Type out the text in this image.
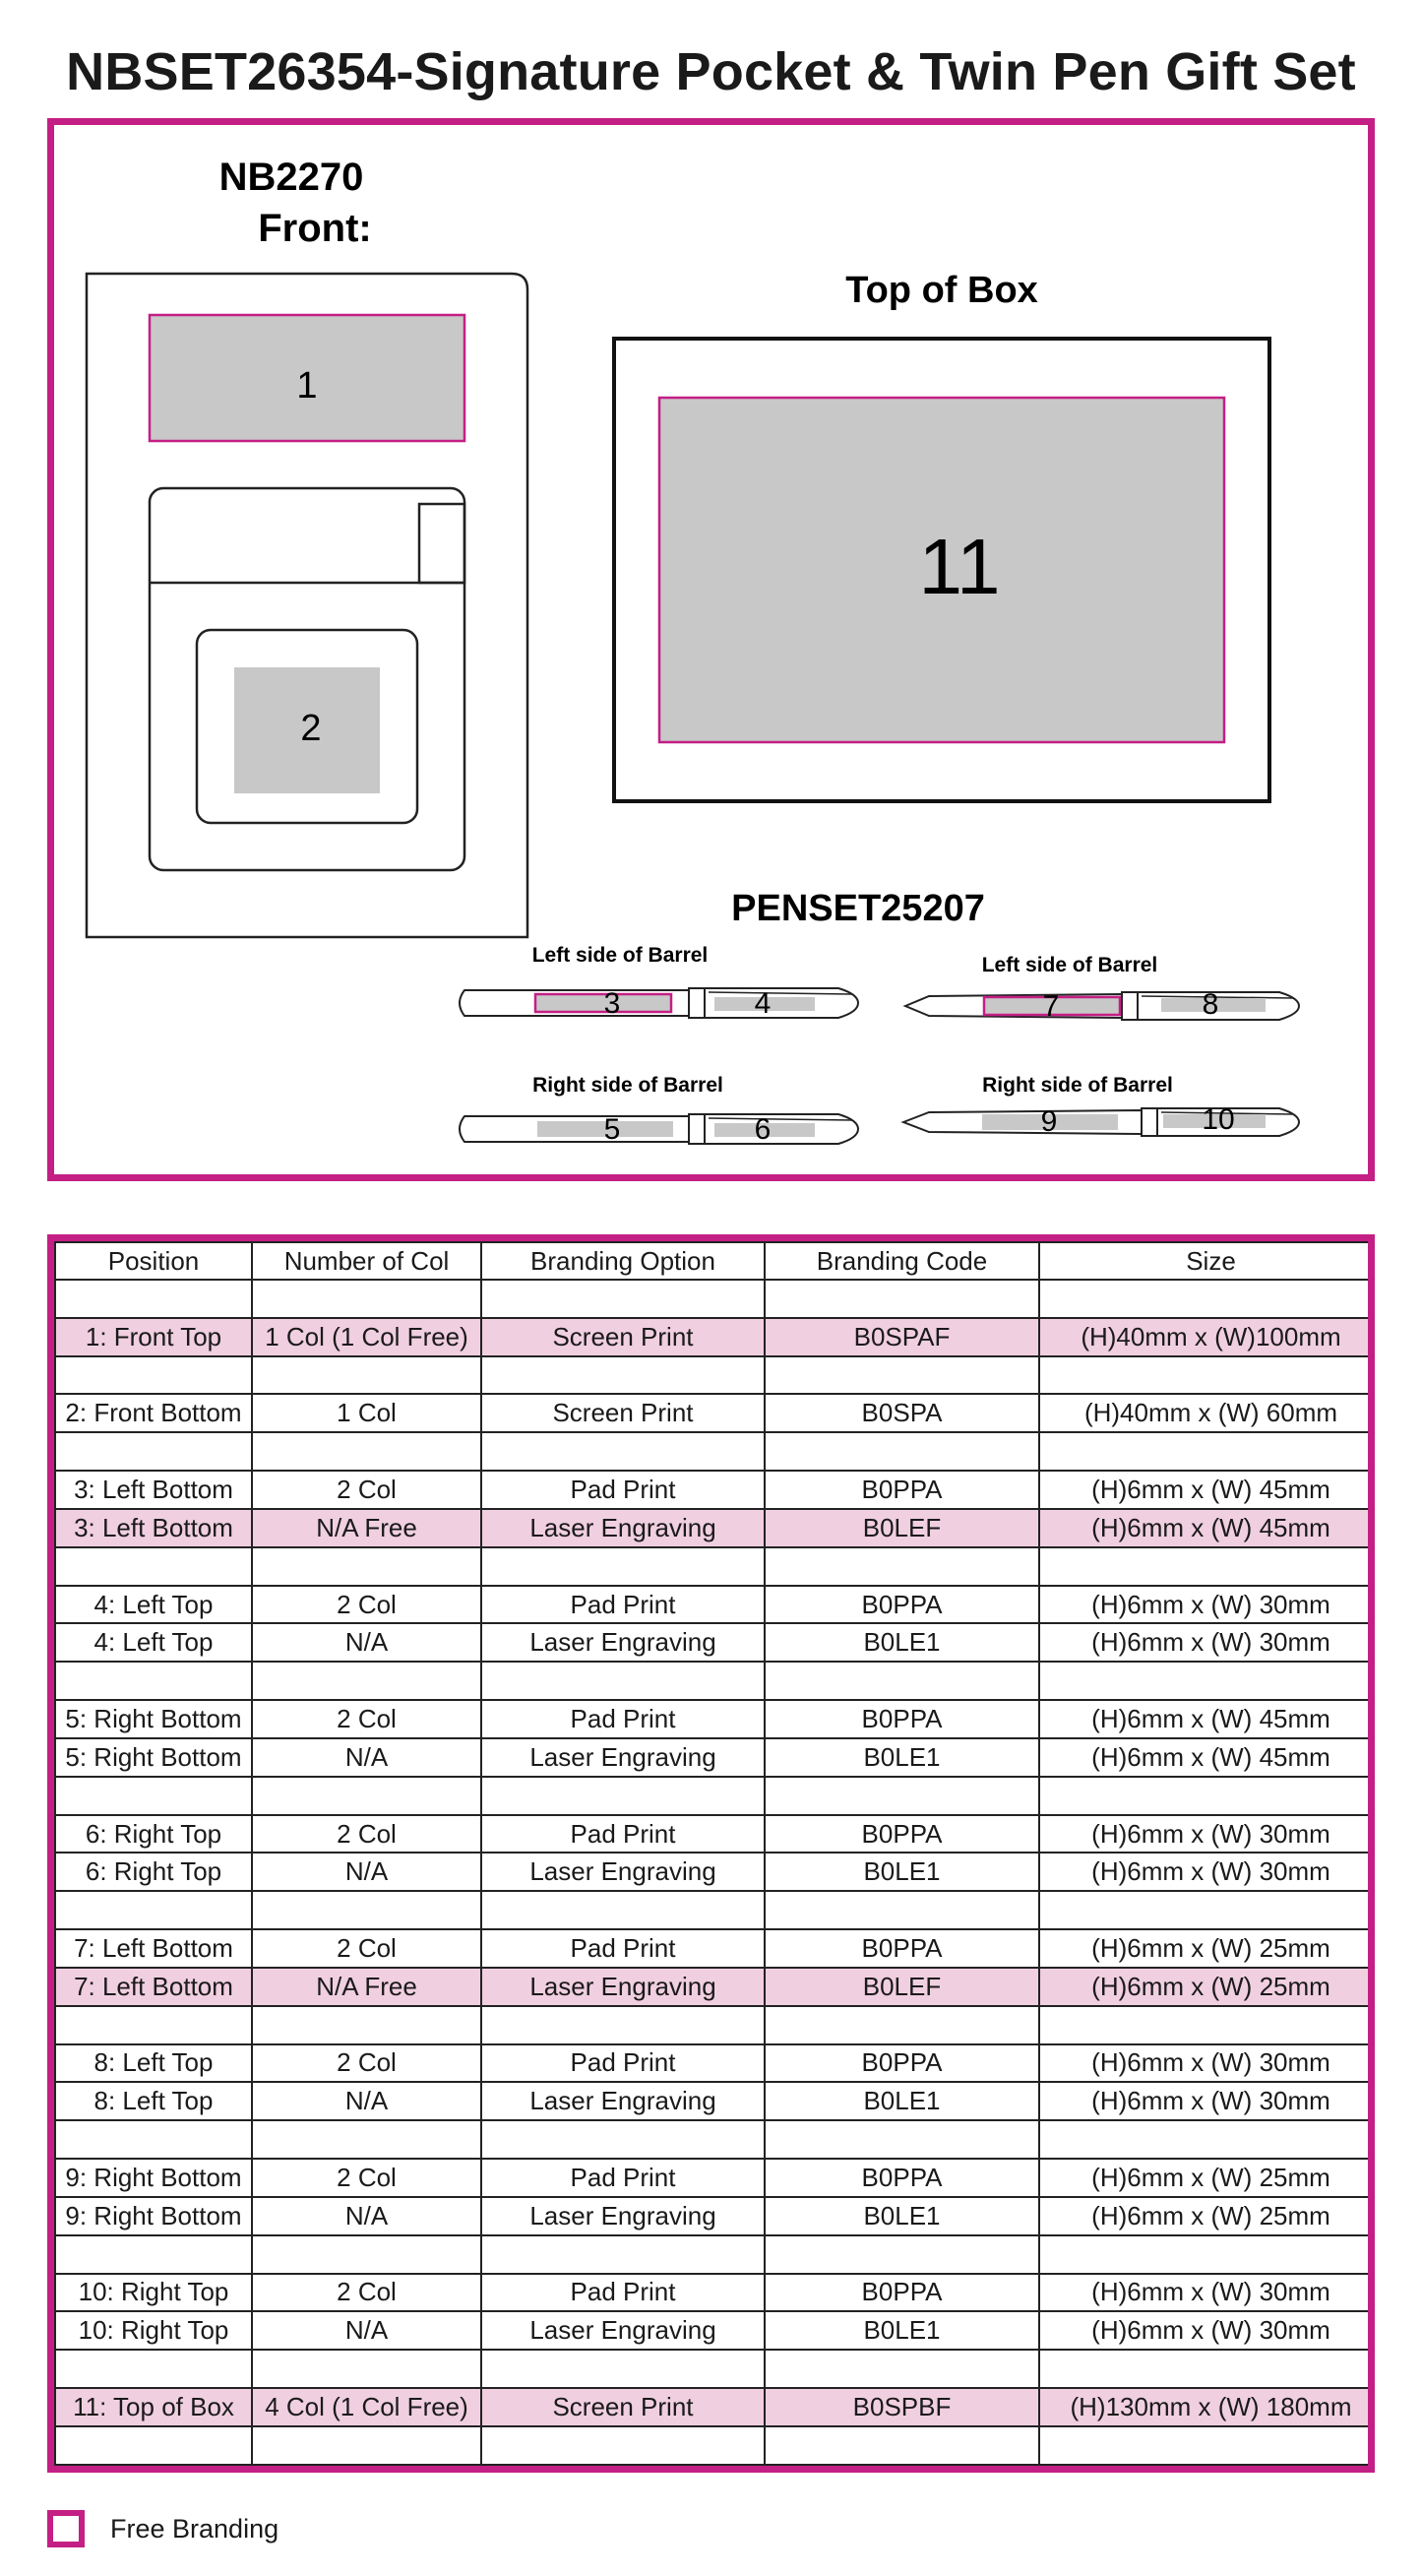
NBSET26354-Signature Pocket & Twin Pen Gift Set
NB2270
Front:
1
2
Top of Box
11
PENSET25207
Left side of Barrel
3	4
Right side of Barrel
5	6
Left side of Barrel
7	8
Right side of Barrel
9	10
Position	Number of Col	Branding Option	Branding Code	Size

1: Front Top	1 Col (1 Col Free)	Screen Print	B0SPAF	(H)40mm x (W)100mm

2: Front Bottom	1 Col	Screen Print	B0SPA	(H)40mm x (W) 60mm

3: Left Bottom	2 Col	Pad Print	B0PPA	(H)6mm x (W) 45mm
3: Left Bottom	N/A Free	Laser Engraving	B0LEF	(H)6mm x (W) 45mm

4: Left Top	2 Col	Pad Print	B0PPA	(H)6mm x (W) 30mm
4: Left Top	N/A	Laser Engraving	B0LE1	(H)6mm x (W) 30mm

5: Right Bottom	2 Col	Pad Print	B0PPA	(H)6mm x (W) 45mm
5: Right Bottom	N/A	Laser Engraving	B0LE1	(H)6mm x (W) 45mm

6: Right Top	2 Col	Pad Print	B0PPA	(H)6mm x (W) 30mm
6: Right Top	N/A	Laser Engraving	B0LE1	(H)6mm x (W) 30mm

7: Left Bottom	2 Col	Pad Print	B0PPA	(H)6mm x (W) 25mm
7: Left Bottom	N/A Free	Laser Engraving	B0LEF	(H)6mm x (W) 25mm

8: Left Top	2 Col	Pad Print	B0PPA	(H)6mm x (W) 30mm
8: Left Top	N/A	Laser Engraving	B0LE1	(H)6mm x (W) 30mm

9: Right Bottom	2 Col	Pad Print	B0PPA	(H)6mm x (W) 25mm
9: Right Bottom	N/A	Laser Engraving	B0LE1	(H)6mm x (W) 25mm

10: Right Top	2 Col	Pad Print	B0PPA	(H)6mm x (W) 30mm
10: Right Top	N/A	Laser Engraving	B0LE1	(H)6mm x (W) 30mm

11: Top of Box	4 Col (1 Col Free)	Screen Print	B0SPBF	(H)130mm x (W) 180mm

Free Branding
